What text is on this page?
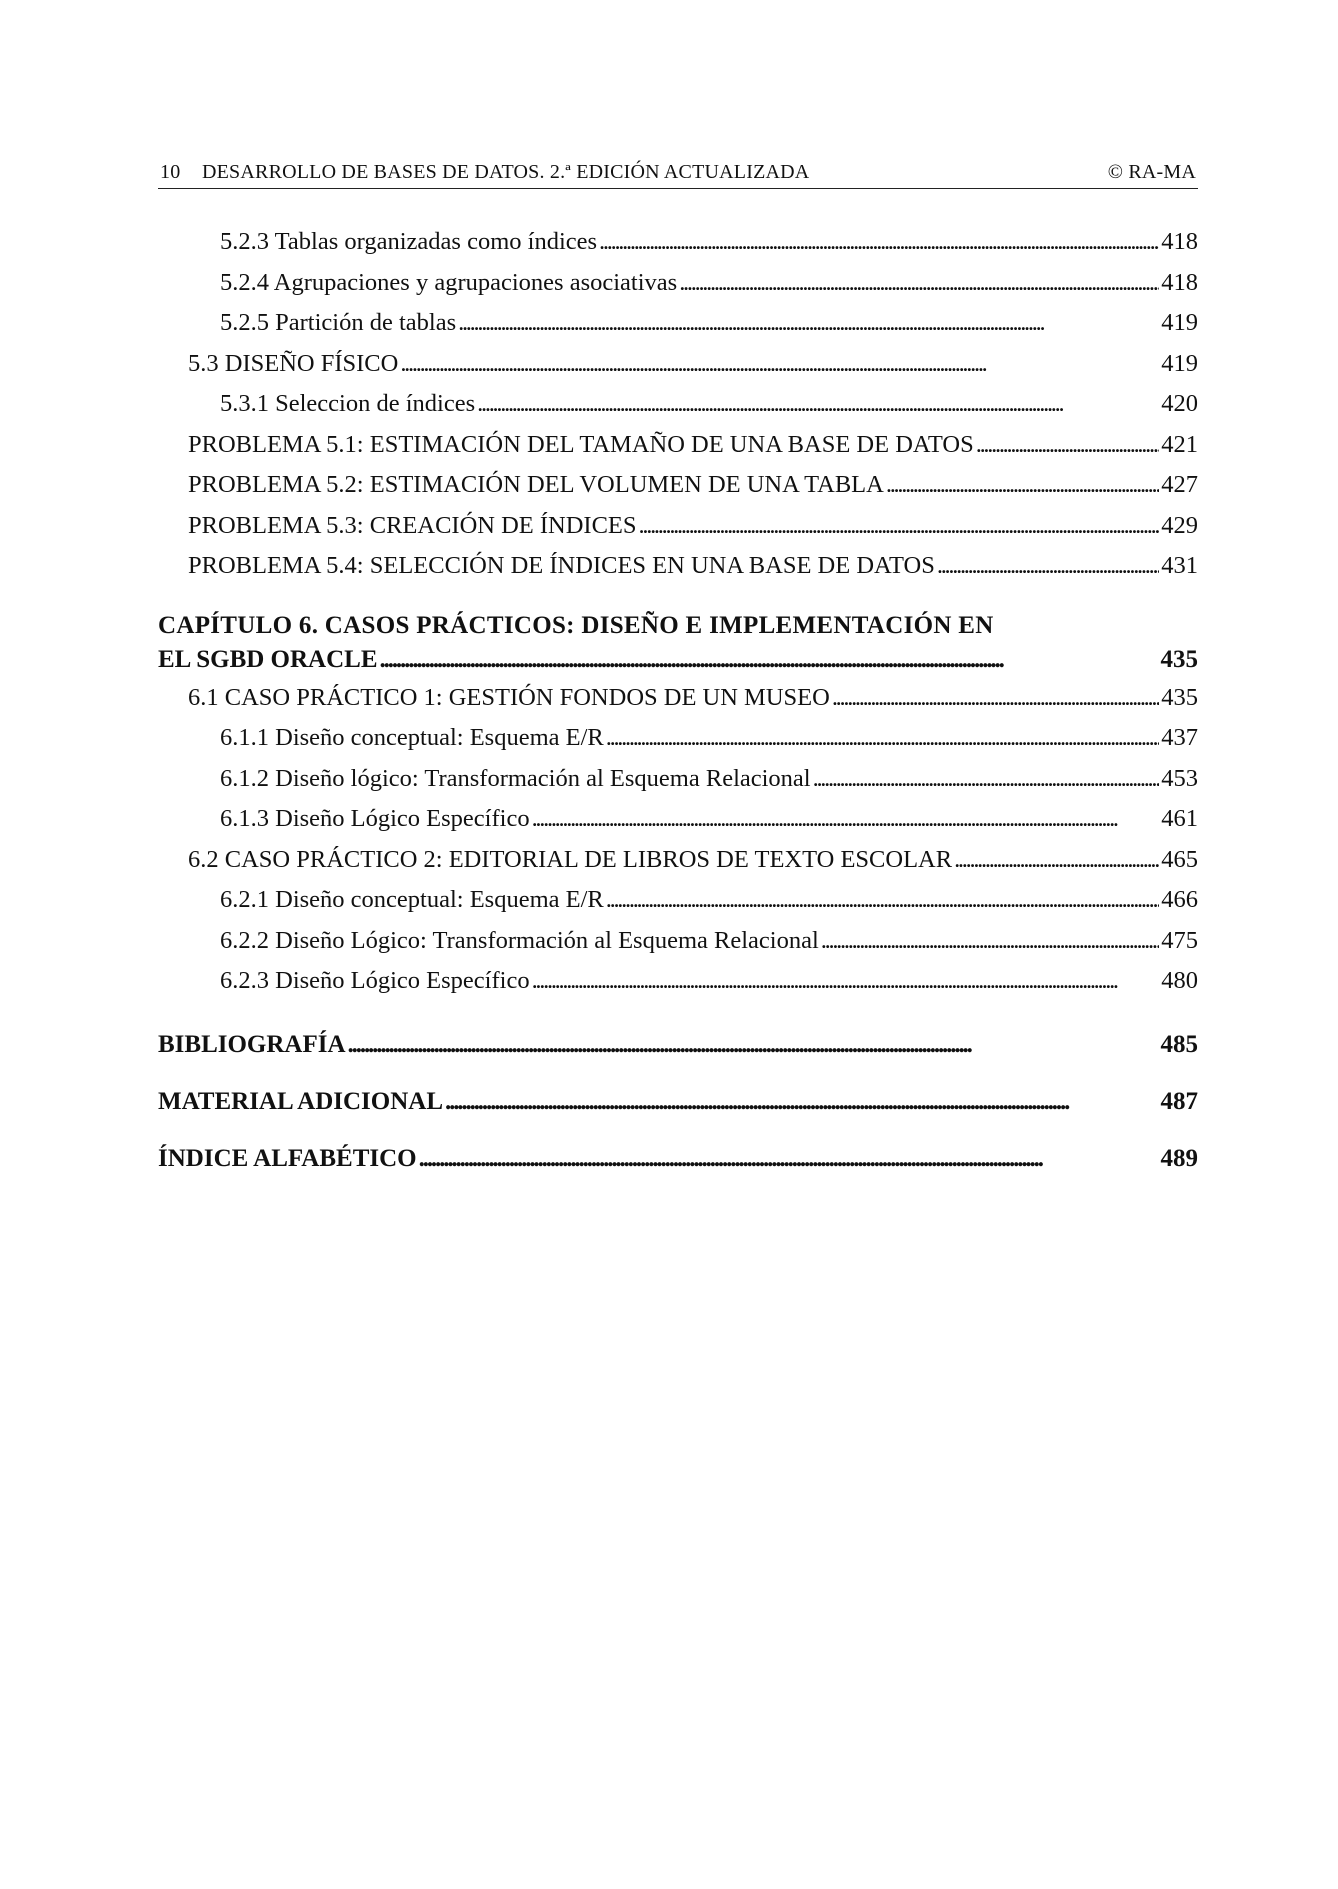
10 DESARROLLO DE BASES DE DATOS. 2.ª EDICIÓN ACTUALIZADA	© RA-MA
5.2.3 Tablas organizadas como índices . . .	418
5.2.4 Agrupaciones y agrupaciones asociativas . . .	418
5.2.5 Partición de tablas . . .	419
5.3 DISEÑO FÍSICO . . .	419
5.3.1 Seleccion de índices . . .	420
PROBLEMA 5.1: ESTIMACIÓN DEL TAMAÑO DE UNA BASE DE DATOS . . .	421
PROBLEMA 5.2: ESTIMACIÓN DEL VOLUMEN DE UNA TABLA . . .	427
PROBLEMA 5.3: CREACIÓN DE ÍNDICES . . .	429
PROBLEMA 5.4: SELECCIÓN DE ÍNDICES EN UNA BASE DE DATOS . . .	431
CAPÍTULO 6. CASOS PRÁCTICOS: DISEÑO E IMPLEMENTACIÓN EN
EL SGBD ORACLE . . .	435
6.1 CASO PRÁCTICO 1: GESTIÓN FONDOS DE UN MUSEO . . .	435
6.1.1 Diseño conceptual: Esquema E/R . . .	437
6.1.2 Diseño lógico: Transformación al Esquema Relacional . . .	453
6.1.3 Diseño Lógico Específico . . .	461
6.2 CASO PRÁCTICO 2: EDITORIAL DE LIBROS DE TEXTO ESCOLAR . . .	465
6.2.1 Diseño conceptual: Esquema E/R . . .	466
6.2.2 Diseño Lógico: Transformación al Esquema Relacional . . .	475
6.2.3 Diseño Lógico Específico . . .	480
BIBLIOGRAFÍA . . .	485
MATERIAL ADICIONAL . . .	487
ÍNDICE ALFABÉTICO . . .	489
